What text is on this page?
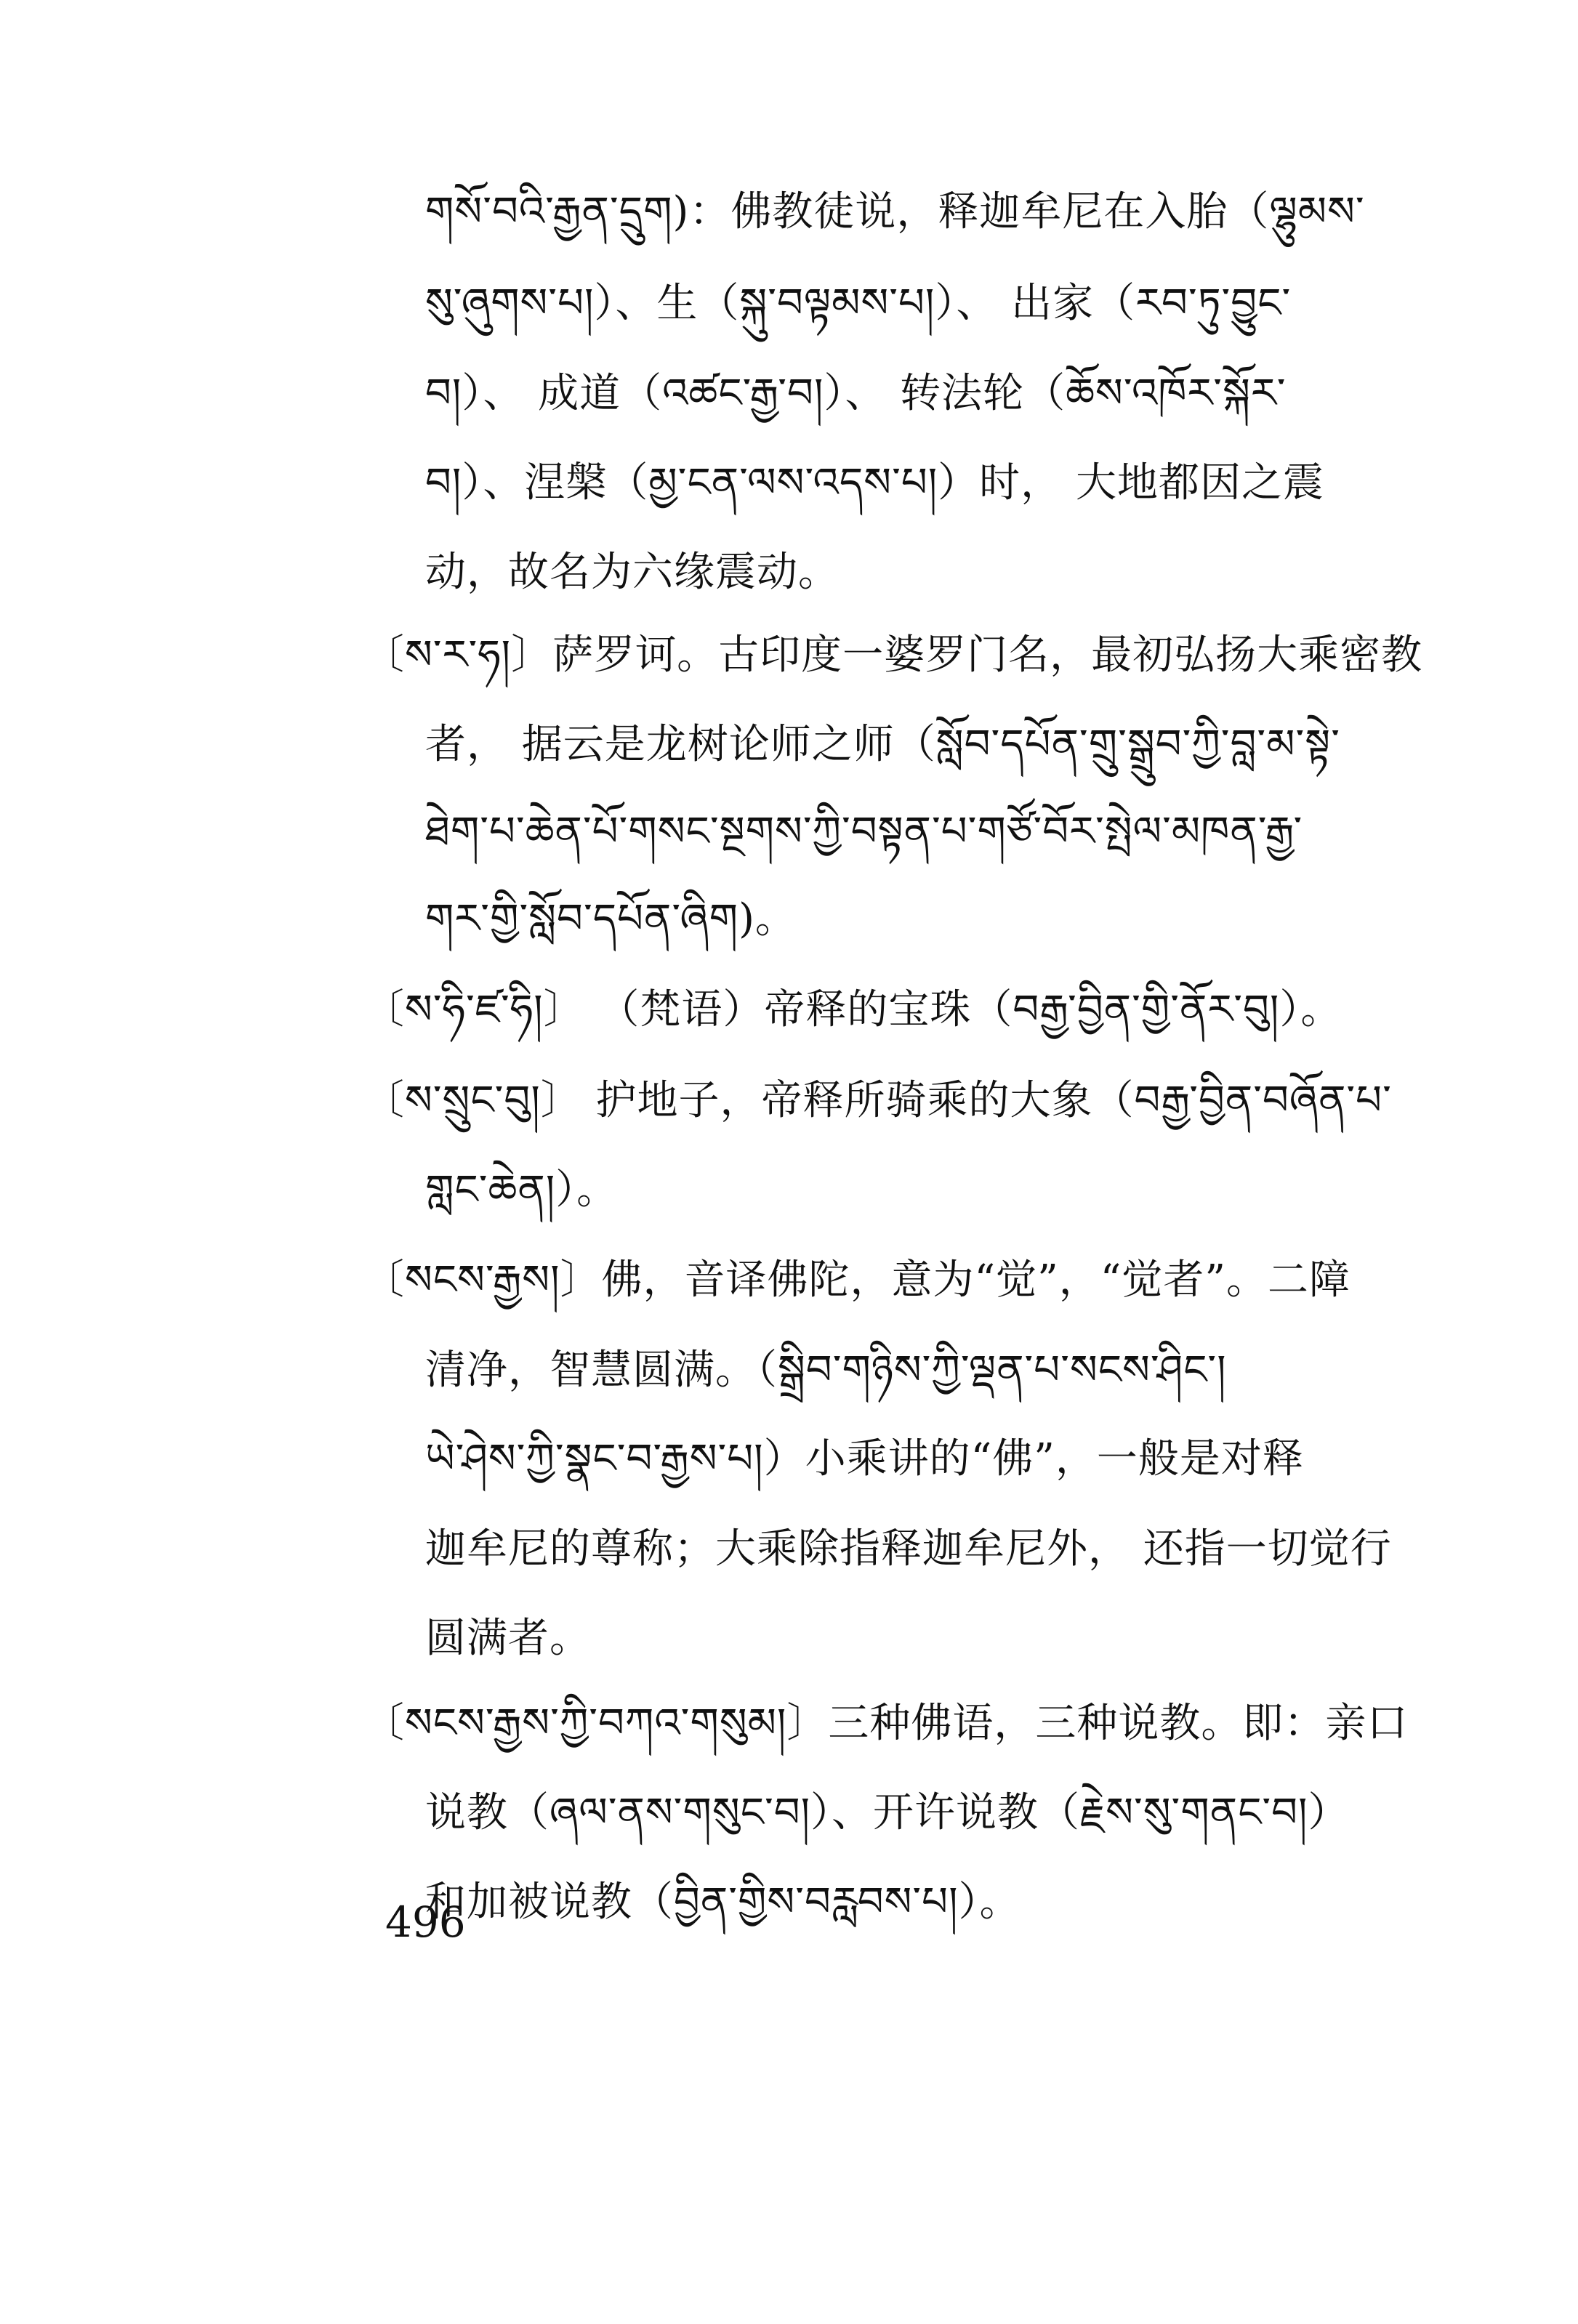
གསོ་བའི་རྒྱན་དྲུག)：佛教徒说，释迦牟尼在入胎（ལྷུམས་
སུ་ཞུགས་པ།）、生（སྐུ་བལྟམས་པ།）、 出家（རབ་ཏུ་བྱུང་
བ།）、 成道（འཚང་རྒྱ་བ།）、 转法轮（ཆོས་འཁོར་སྐོར་
བ།）、涅槃（མྱ་ངན་ལས་འདས་པ།）时， 大地都因之震
动，故名为六缘震动。
〔ས་ར་ཧ།〕萨罗诃。古印度一婆罗门名，最初弘扬大乘密教
者， 据云是龙树论师之师（སློབ་དཔོན་གྲུ་སྒྲུབ་ཀྱི་བླ་མ་སྟེ་
ཐེག་པ་ཆེན་པོ་གསང་སྔགས་ཀྱི་བསྟན་པ་གཙོ་བོར་སྤེལ་མཁན་རྒྱ་
གར་གྱི་སློབ་དཔོན་ཞིག)。
〔ས་ཧི་ཛ་ཧི།〕 （梵语）帝释的宝珠（བརྒྱ་བྱིན་གྱི་ནོར་བུ།）。
〔ས་སྲུང་བུ།〕 护地子，帝释所骑乘的大象（བརྒྱ་བྱིན་བཞོན་པ་
གླང་ཆེན།）。
〔སངས་རྒྱས།〕佛，音译佛陀，意为“觉”，“觉者”。二障
清净，智慧圆满。（སྒྲིབ་གཉིས་ཀྱི་ལྡན་པ་སངས་ཤིང་།
ཡེ་ཤེས་ཀྱི་སྣང་བ་རྒྱས་པ།）小乘讲的“佛”，一般是对释
迦牟尼的尊称；大乘除指释迦牟尼外， 还指一切觉行
圆满者。
〔སངས་རྒྱས་ཀྱི་བཀའ་གསུམ།〕三种佛语，三种说教。即：亲口
说教（ཞལ་ནས་གསུང་བ།）、开许说教（རྗེས་སུ་གནང་བ།）
和加被说教（བྱིན་གྱིས་བརླབས་པ།）。
496
